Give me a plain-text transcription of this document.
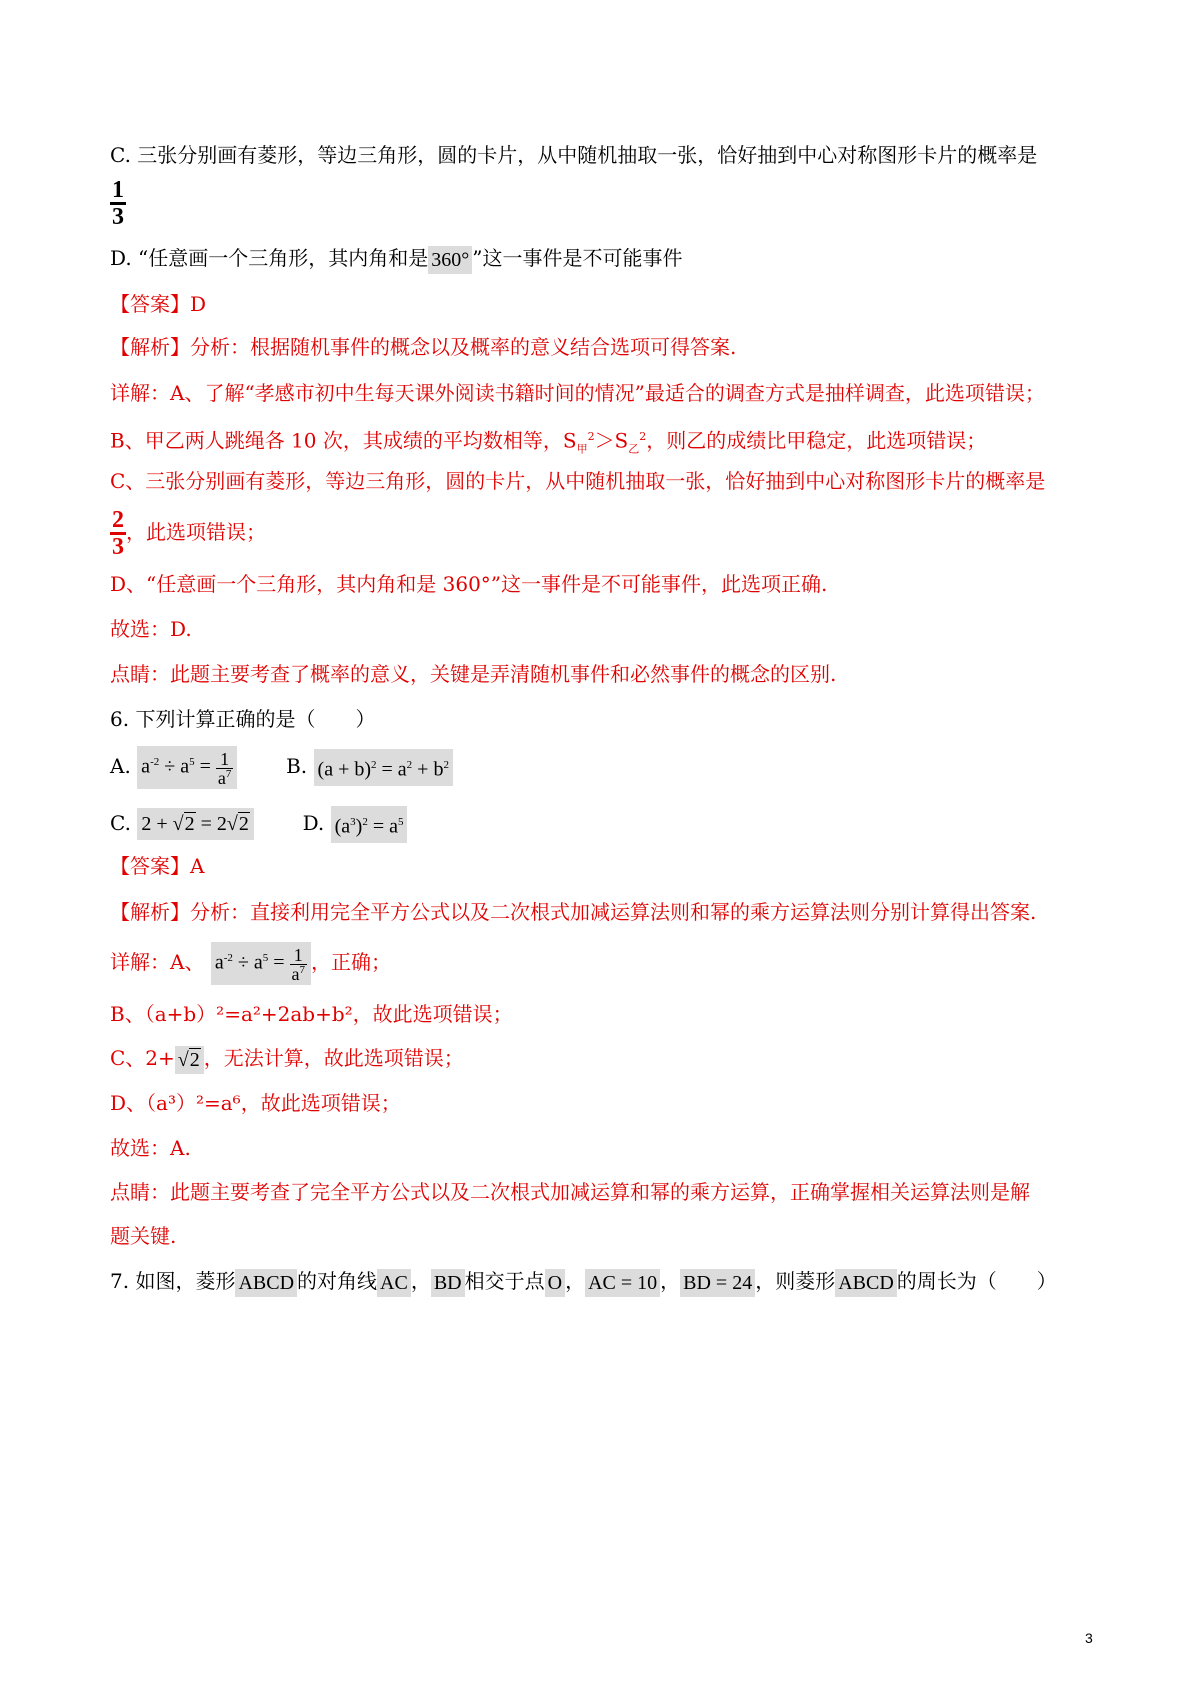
C. 三张分别画有菱形，等边三角形，圆的卡片，从中随机抽取一张，恰好抽到中心对称图形卡片的概率是
$\frac{1}{3}$
D. “任意画一个三角形，其内角和是 360° ”这一事件是不可能事件
【答案】D
【解析】分析：根据随机事件的概念以及概率的意义结合选项可得答案.
详解：A、了解“孝感市初中生每天课外阅读书籍时间的情况”最适合的调查方式是抽样调查，此选项错误；
B、甲乙两人跳绳各 10 次，其成绩的平均数相等，$S_甲^2>S_乙^2$，则乙的成绩比甲稳定，此选项错误；
C、三张分别画有菱形，等边三角形，圆的卡片，从中随机抽取一张，恰好抽到中心对称图形卡片的概率是
$\frac{2}{3}$ ，此选项错误；
D、“任意画一个三角形，其内角和是 360°”这一事件是不可能事件，此选项正确.
故选：D.
点睛：此题主要考查了概率的意义，关键是弄清随机事件和必然事件的概念的区别.
6. 下列计算正确的是（　　）
A. $a^{-2} \div a^5 = \frac{1}{a^7}$	B. $(a + b)^2 = a^2 + b^2$
C. 2 + √2 = 2√2	D. $(a^3)^2 = a^5$
【答案】A
【解析】分析：直接利用完全平方公式以及二次根式加减运算法则和幂的乘方运算法则分别计算得出答案.
详解：A、 $a^{-2} \div a^5 = \frac{1}{a^7}$ ，正确；
B、（a+b）²=a²+2ab+b²，故此选项错误；
C、2+ √2 ，无法计算，故此选项错误；
D、（a³）²=a⁶，故此选项错误；
故选：A.
点睛：此题主要考查了完全平方公式以及二次根式加减运算和幂的乘方运算，正确掌握相关运算法则是解
题关键.
7. 如图，菱形 ABCD 的对角线 AC ， BD 相交于点 O ， AC = 10 ， BD = 24 ，则菱形 ABCD 的周长为（　　）
3
